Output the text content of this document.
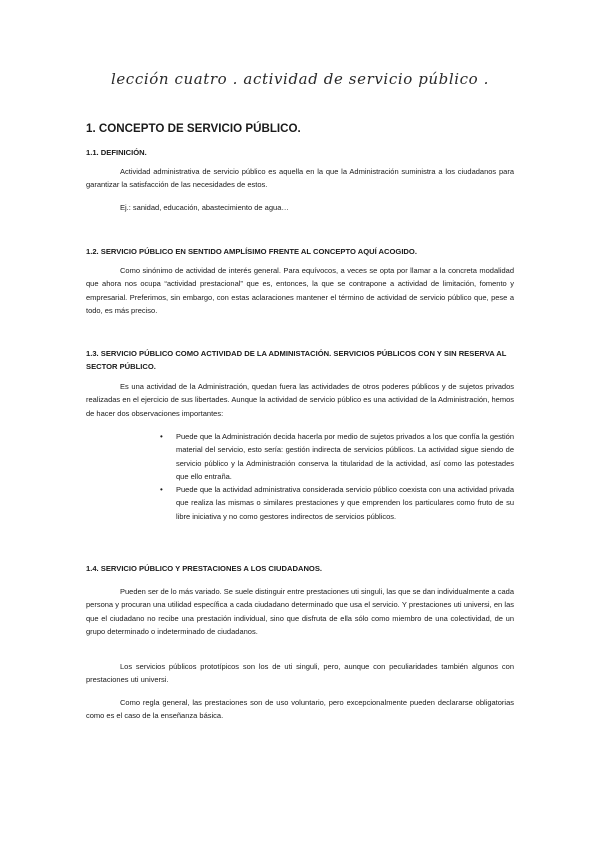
lección cuatro . actividad de servicio público .
1. CONCEPTO DE SERVICIO PÚBLICO.
1.1. DEFINICIÓN.
Actividad administrativa de servicio público es aquella en la que la Administración suministra a los ciudadanos para garantizar la satisfacción de las necesidades de estos.
Ej.: sanidad, educación, abastecimiento de agua…
1.2. SERVICIO PÚBLICO EN SENTIDO AMPLÍSIMO FRENTE AL CONCEPTO AQUÍ ACOGIDO.
Como sinónimo de actividad de interés general. Para equívocos, a veces se opta por llamar a la concreta modalidad que ahora nos ocupa “actividad prestacional” que es, entonces, la que se contrapone a actividad de limitación, fomento y empresarial. Preferimos, sin embargo, con estas aclaraciones mantener el término de actividad de servicio público que, pese a todo, es más preciso.
1.3. SERVICIO PÚBLICO COMO ACTIVIDAD DE LA ADMINISTACIÓN. SERVICIOS PÚBLICOS CON Y SIN RESERVA AL SECTOR PÚBLICO.
Es una actividad de la Administración, quedan fuera las actividades de otros poderes públicos y de sujetos privados realizadas en el ejercicio de sus libertades. Aunque la actividad de servicio público es una actividad de la Administración, hemos de hacer dos observaciones importantes:
• Puede que la Administración decida hacerla por medio de sujetos privados a los que confía la gestión material del servicio, esto sería: gestión indirecta de servicios públicos. La actividad sigue siendo de servicio público y la Administración conserva la titularidad de la actividad, así como las potestades que ello entraña.
• Puede que la actividad administrativa considerada servicio público coexista con una actividad privada que realiza las mismas o similares prestaciones y que emprenden los particulares como fruto de su libre iniciativa y no como gestores indirectos de servicios públicos.
1.4. SERVICIO PÚBLICO Y PRESTACIONES A LOS CIUDADANOS.
Pueden ser de lo más variado. Se suele distinguir entre prestaciones uti singuli, las que se dan individualmente a cada persona y procuran una utilidad específica a cada ciudadano determinado que usa el servicio. Y prestaciones uti universi, en las que el ciudadano no recibe una prestación individual, sino que disfruta de ella sólo como miembro de una colectividad, de un grupo determinado o indeterminado de ciudadanos.
Los servicios públicos prototípicos son los de uti singuli, pero, aunque con peculiaridades también algunos con prestaciones uti universi.
Como regla general, las prestaciones son de uso voluntario, pero excepcionalmente pueden declararse obligatorias como es el caso de la enseñanza básica.
